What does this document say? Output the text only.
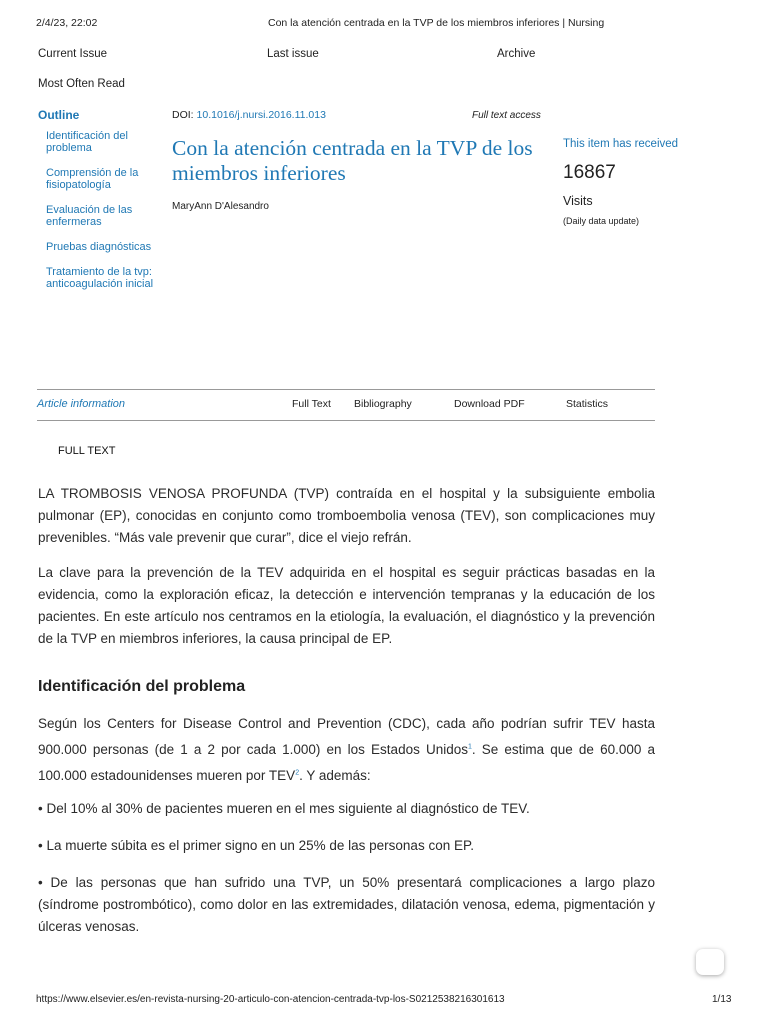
2/4/23, 22:02	Con la atención centrada en la TVP de los miembros inferiores | Nursing
Current Issue	Last issue	Archive
Most Often Read
Outline
Identificación del problema
Comprensión de la fisiopatología
Evaluación de las enfermeras
Pruebas diagnósticas
Tratamiento de la tvp: anticoagulación inicial
DOI: 10.1016/j.nursi.2016.11.013	Full text access
Con la atención centrada en la TVP de los miembros inferiores
MaryAnn D'Alesandro
This item has received
16867
Visits
(Daily data update)
Article information	Full Text Bibliography	Download PDF	Statistics
FULL TEXT

LA TROMBOSIS VENOSA PROFUNDA (TVP) contraída en el hospital y la subsiguiente embolia pulmonar (EP), conocidas en conjunto como tromboembolia venosa (TEV), son complicaciones muy prevenibles. “Más vale prevenir que curar”, dice el viejo refrán.

La clave para la prevención de la TEV adquirida en el hospital es seguir prácticas basadas en la evidencia, como la exploración eficaz, la detección e intervención tempranas y la educación de los pacientes. En este artículo nos centramos en la etiología, la evaluación, el diagnóstico y la prevención de la TVP en miembros inferiores, la causa principal de EP.

Identificación del problema

Según los Centers for Disease Control and Prevention (CDC), cada año podrían sufrir TEV hasta 900.000 personas (de 1 a 2 por cada 1.000) en los Estados Unidos$^1$. Se estima que de 60.000 a 100.000 estadounidenses mueren por TEV$^2$. Y además:

• Del 10% al 30% de pacientes mueren en el mes siguiente al diagnóstico de TEV.

• La muerte súbita es el primer signo en un 25% de las personas con EP.

• De las personas que han sufrido una TVP, un 50% presentará complicaciones a largo plazo (síndrome postrombótico), como dolor en las extremidades, dilatación venosa, edema, pigmentación y úlceras venosas.

https://www.elsevier.es/en-revista-nursing-20-articulo-con-atencion-centrada-tvp-los-S0212538216301613	1/13
